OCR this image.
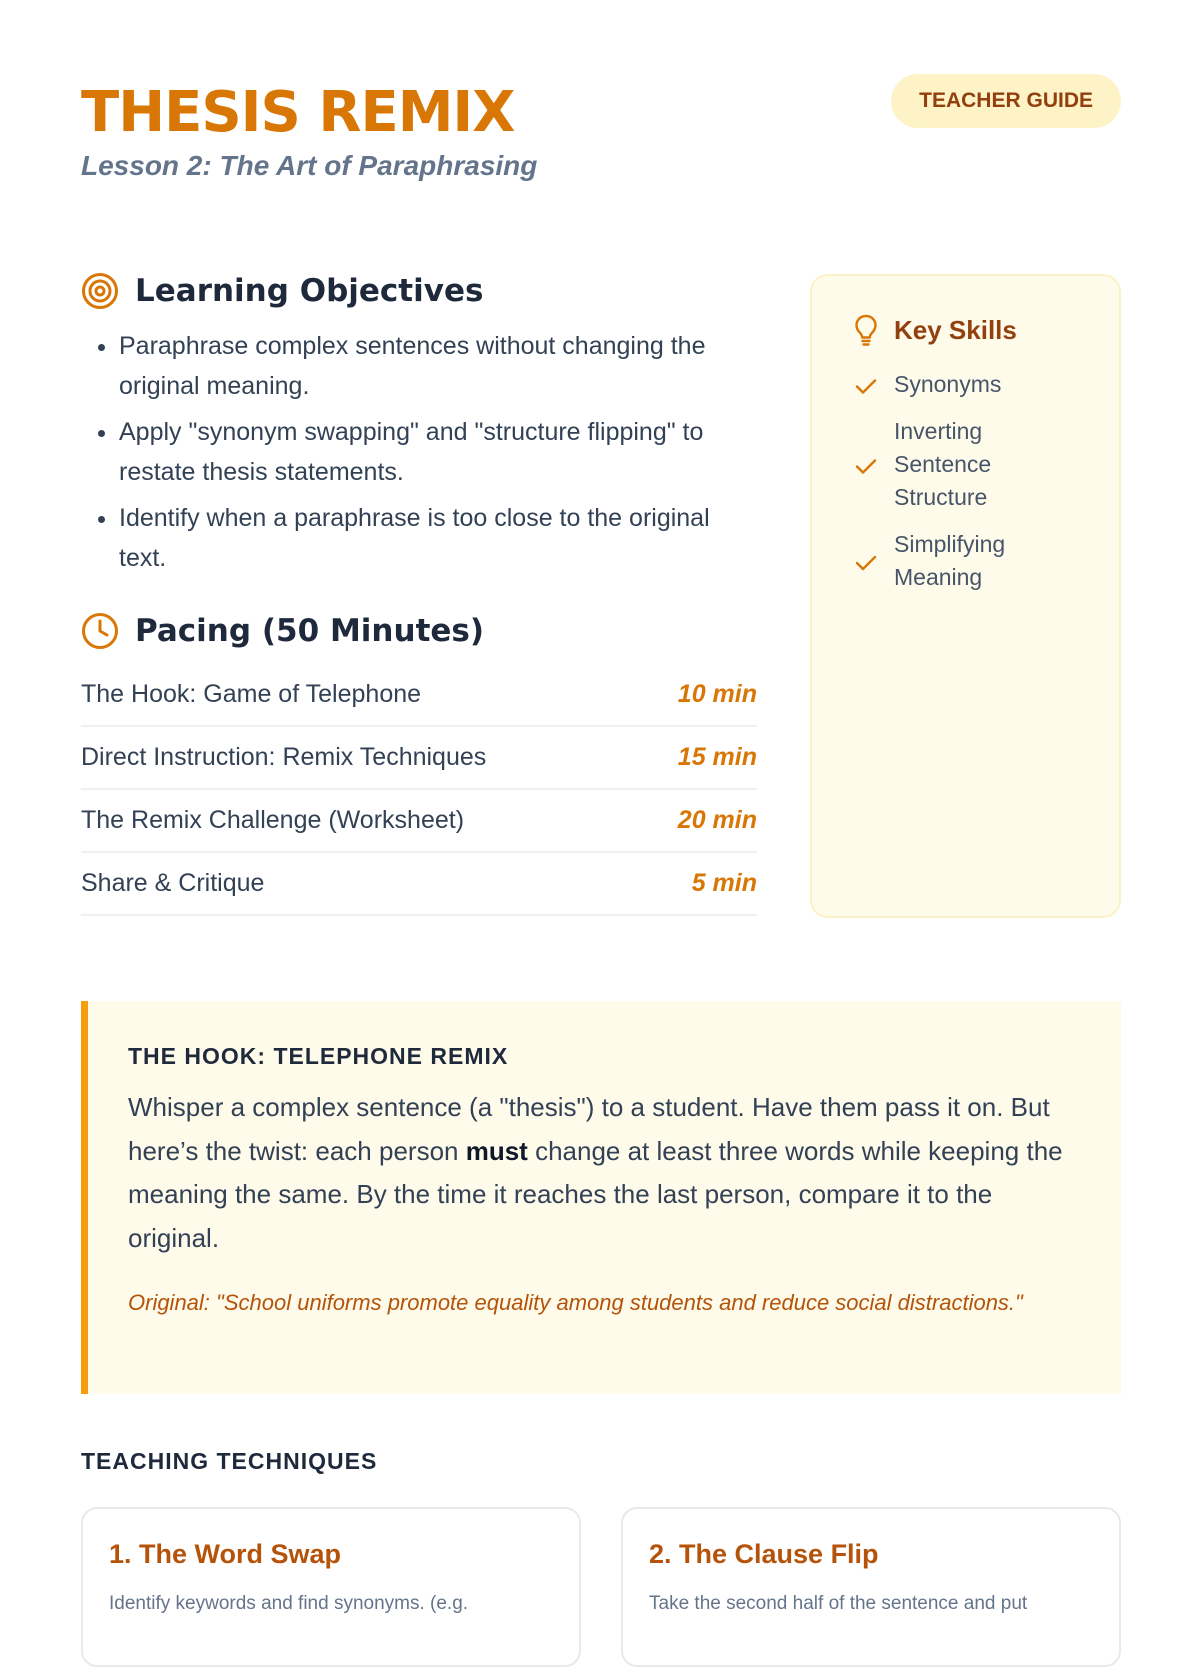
THESIS REMIX

Lesson 2: The Art of Paraphrasing

TEACHER GUIDE
Learning Objectives
• Paraphrase complex sentences without changing the original meaning.
• Apply "synonym swapping" and "structure flipping" to restate thesis statements.
• Identify when a paraphrase is too close to the original text.
Pacing (50 Minutes)
The Hook: Game of Telephone	10 min
Direct Instruction: Remix Techniques	15 min
The Remix Challenge (Worksheet)	20 min
Share & Critique	5 min
Key Skills
Synonyms
Inverting Sentence Structure
Simplifying Meaning
THE HOOK: TELEPHONE REMIX

Whisper a complex sentence (a "thesis") to a student. Have them pass it on. But here’s the twist: each person must change at least three words while keeping the meaning the same. By the time it reaches the last person, compare it to the original.

Original: "School uniforms promote equality among students and reduce social distractions."

TEACHING TECHNIQUES
1. The Word Swap

Identify keywords and find synonyms. (e.g.

2. The Clause Flip

Take the second half of the sentence and put
